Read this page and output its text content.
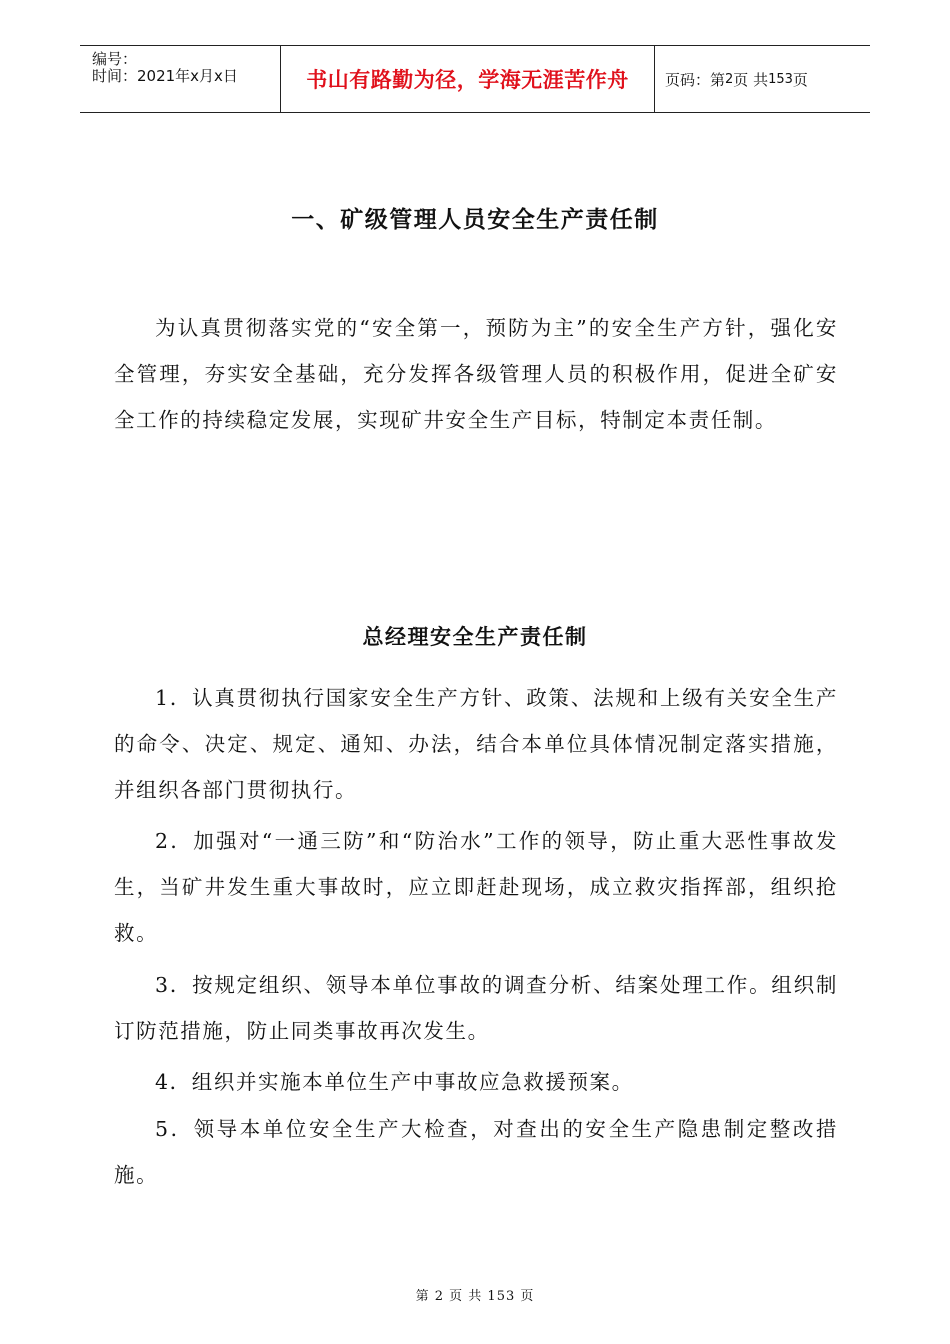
编号：
时间：2021年x月x日	书山有路勤为径，学海无涯苦作舟	页码：第 2 页 共 153 页
一、矿级管理人员安全生产责任制

为认真贯彻落实党的“安全第一，预防为主”的安全生产方针，强化安全管理，夯实安全基础，充分发挥各级管理人员的积极作用，促进全矿安全工作的持续稳定发展，实现矿井安全生产目标，特制定本责任制。

总经理安全生产责任制

1．认真贯彻执行国家安全生产方针、政策、法规和上级有关安全生产的命令、决定、规定、通知、办法，结合本单位具体情况制定落实措施，并组织各部门贯彻执行。

2．加强对“一通三防”和“防治水”工作的领导，防止重大恶性事故发生，当矿井发生重大事故时，应立即赶赴现场，成立救灾指挥部，组织抢救。

3．按规定组织、领导本单位事故的调查分析、结案处理工作。组织制订防范措施，防止同类事故再次发生。

4．组织并实施本单位生产中事故应急救援预案。

5．领导本单位安全生产大检查，对查出的安全生产隐患制定整改措施。

第 2 页 共 153 页
